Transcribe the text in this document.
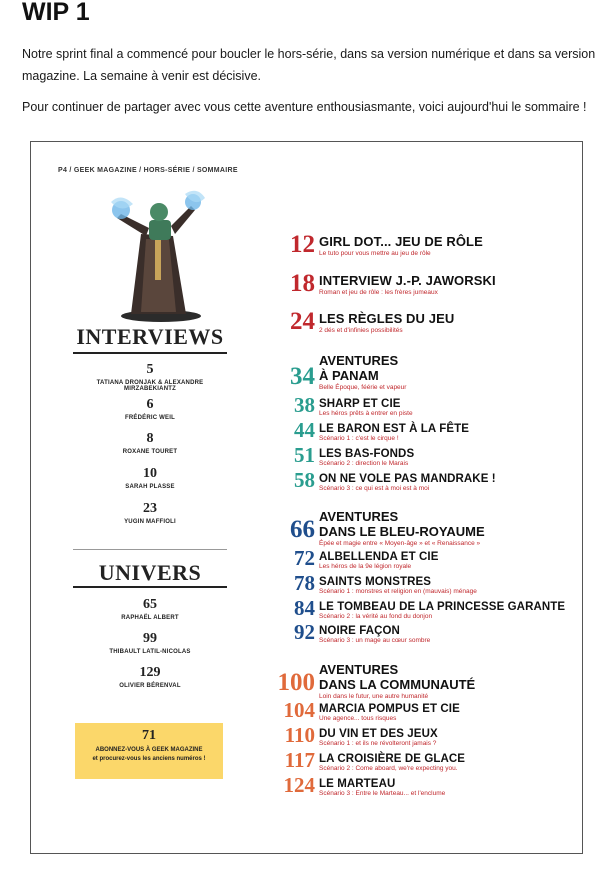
WIP 1
Notre sprint final a commencé pour boucler le hors-série, dans sa version numérique et dans sa version magazine. La semaine à venir est décisive.
Pour continuer de partager avec vous cette aventure enthousiasmante, voici aujourd'hui le sommaire !
P4 / GEEK MAGAZINE / HORS-SÉRIE / SOMMAIRE
INTERVIEWS
5
TATIANA DRONJAK & ALEXANDRE MIRZABEKIANTZ
6
FRÉDÉRIC WEIL
8
ROXANE TOURET
10
SARAH PLASSE
23
YUGIN MAFFIOLI
UNIVERS
65
RAPHAËL ALBERT
99
THIBAULT LATIL-NICOLAS
129
OLIVIER BÉRENVAL
71
ABONNEZ-VOUS À GEEK MAGAZINE
et procurez-vous les anciens numéros !
12 GIRL DOT... JEU DE RÔLE
Le tuto pour vous mettre au jeu de rôle
18 INTERVIEW J.-P. JAWORSKI
Roman et jeu de rôle : les frères jumeaux
24 LES RÈGLES DU JEU
2 dés et d'infinies possibilités
34
AVENTURES
À PANAM
Belle Époque, féérie et vapeur
38 SHARP ET CIE
Les héros prêts à entrer en piste
44 LE BARON EST À LA FÊTE
Scénario 1 : c'est le cirque !
51 LES BAS-FONDS
Scénario 2 : direction le Marais
58 ON NE VOLE PAS MANDRAKE !
Scénario 3 : ce qui est à moi est à moi
66 AVENTURES
DANS LE BLEU-ROYAUME
Épée et magie entre « Moyen-âge » et « Renaissance »
72 ALBELLENDA ET CIE
Les héros de la 9e légion royale
78 SAINTS MONSTRES
Scénario 1 : monstres et religion en (mauvais) ménage
84 LE TOMBEAU DE LA PRINCESSE GARANTE
Scénario 2 : la vérité au fond du donjon
92 NOIRE FAÇON
Scénario 3 : un mage au cœur sombre
100 AVENTURES
DANS LA COMMUNAUTÉ
Loin dans le futur, une autre humanité
104 MARCIA POMPUS ET CIE
Une agence... tous risques
110 DU VIN ET DES JEUX
Scénario 1 : et ils ne révolteront jamais ?
117 LA CROISIÈRE DE GLACE
Scénario 2 : Come aboard, we're expecting you.
124 LE MARTEAU
Scénario 3 : Entre le Marteau... et l'enclume
